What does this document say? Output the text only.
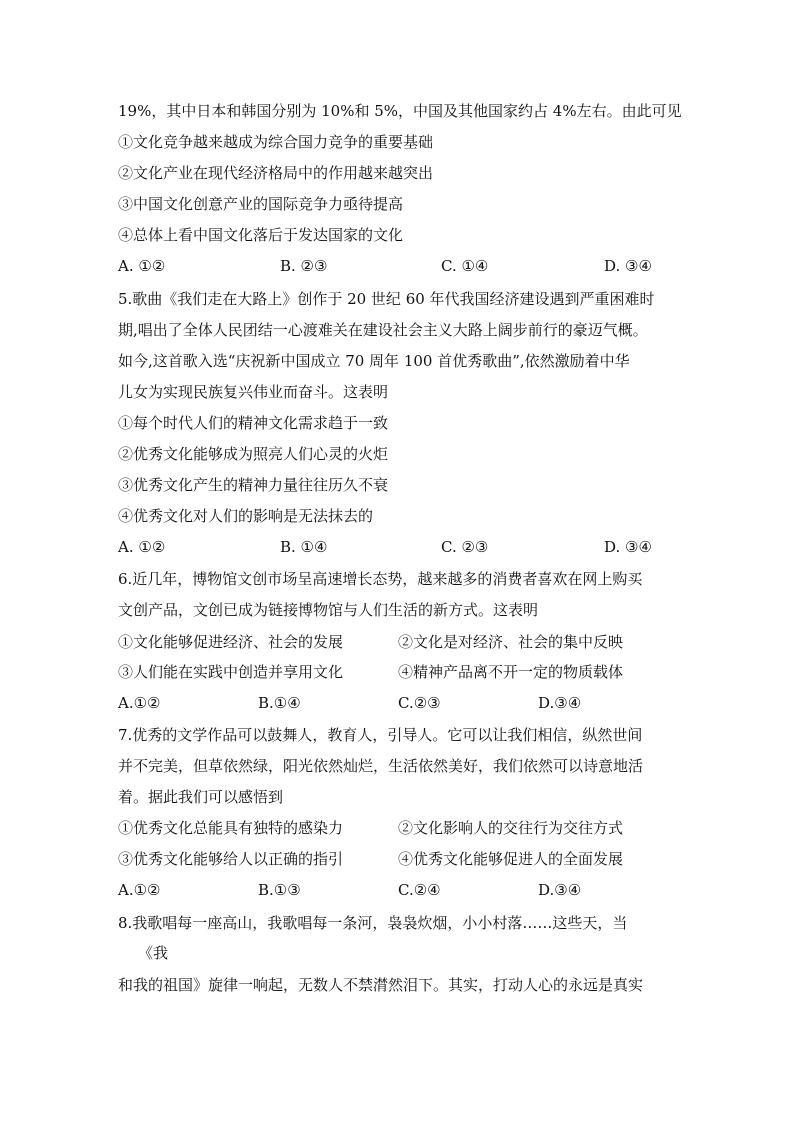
19%，其中日本和韩国分别为 10%和 5%，中国及其他国家约占 4%左右。由此可见
①文化竞争越来越成为综合国力竞争的重要基础
②文化产业在现代经济格局中的作用越来越突出
③中国文化创意产业的国际竞争力亟待提高
④总体上看中国文化落后于发达国家的文化
A. ①②	B. ②③	C. ①④	D. ③④
5.歌曲《我们走在大路上》创作于 20 世纪 60 年代我国经济建设遇到严重困难时
期,唱出了全体人民团结一心渡难关在建设社会主义大路上阔步前行的豪迈气概。
如今,这首歌入选“庆祝新中国成立 70 周年 100 首优秀歌曲”,依然激励着中华
儿女为实现民族复兴伟业而奋斗。这表明
①每个时代人们的精神文化需求趋于一致
②优秀文化能够成为照亮人们心灵的火炬
③优秀文化产生的精神力量往往历久不衰
④优秀文化对人们的影响是无法抹去的
A. ①②	B. ①④	C. ②③	D. ③④
6.近几年，博物馆文创市场呈高速增长态势，越来越多的消费者喜欢在网上购买
文创产品，文创已成为链接博物馆与人们生活的新方式。这表明
①文化能够促进经济、社会的发展	②文化是对经济、社会的集中反映
③人们能在实践中创造并享用文化	④精神产品离不开一定的物质载体
A.①②	B.①④	C.②③	D.③④
7.优秀的文学作品可以鼓舞人，教育人，引导人。它可以让我们相信，纵然世间
并不完美，但草依然绿，阳光依然灿烂，生活依然美好，我们依然可以诗意地活
着。据此我们可以感悟到
①优秀文化总能具有独特的感染力	②文化影响人的交往行为交往方式
③优秀文化能够给人以正确的指引	④优秀文化能够促进人的全面发展
A.①②	B.①③	C.②④	D.③④
8.我歌唱每一座高山，我歌唱每一条河，袅袅炊烟，小小村落……这些天，当
《我
和我的祖国》旋律一响起，无数人不禁潸然泪下。其实，打动人心的永远是真实
